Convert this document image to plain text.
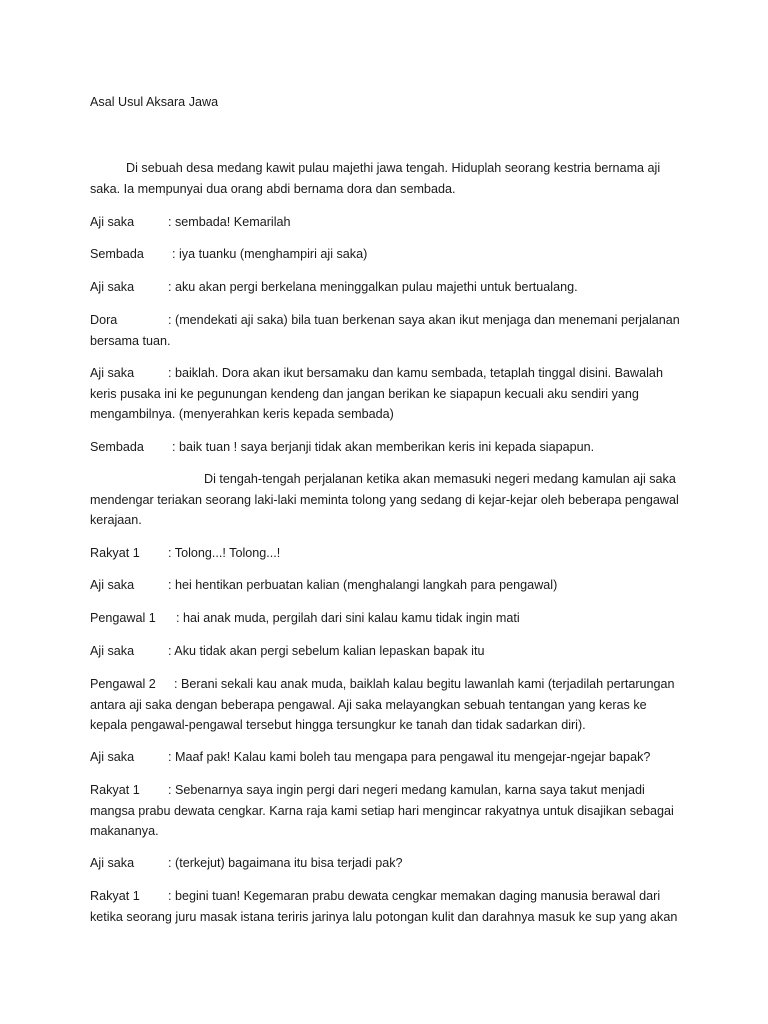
Asal Usul Aksara Jawa

Di sebuah desa medang kawit pulau majethi jawa tengah. Hiduplah seorang kestria bernama aji saka. Ia mempunyai dua orang abdi bernama dora dan sembada.

Aji saka	: sembada! Kemarilah

Sembada : iya tuanku (menghampiri aji saka)

Aji saka	: aku akan pergi berkelana meninggalkan pulau majethi untuk bertualang.

Dora	: (mendekati aji saka) bila tuan berkenan saya akan ikut menjaga dan menemani perjalanan bersama tuan.

Aji saka	: baiklah. Dora akan ikut bersamaku dan kamu sembada, tetaplah tinggal disini. Bawalah keris pusaka ini ke pegunungan kendeng dan jangan berikan ke siapapun kecuali aku sendiri yang mengambilnya. (menyerahkan keris kepada sembada)

Sembada : baik tuan ! saya berjanji tidak akan memberikan keris ini kepada siapapun.

Di tengah-tengah perjalanan ketika akan memasuki negeri medang kamulan aji saka mendengar teriakan seorang laki-laki meminta tolong yang sedang di kejar-kejar oleh beberapa pengawal kerajaan.

Rakyat 1 : Tolong...! Tolong...!

Aji saka	: hei hentikan perbuatan kalian (menghalangi langkah para pengawal)

Pengawal 1 : hai anak muda, pergilah dari sini kalau kamu tidak ingin mati

Aji saka	: Aku tidak akan pergi sebelum kalian lepaskan bapak itu

Pengawal 2 : Berani sekali kau anak muda, baiklah kalau begitu lawanlah kami (terjadilah pertarungan antara aji saka dengan beberapa pengawal. Aji saka melayangkan sebuah tentangan yang keras ke kepala pengawal-pengawal tersebut hingga tersungkur ke tanah dan tidak sadarkan diri).

Aji saka	: Maaf pak! Kalau kami boleh tau mengapa para pengawal itu mengejar-ngejar bapak?

Rakyat 1 : Sebenarnya saya ingin pergi dari negeri medang kamulan, karna saya takut menjadi mangsa prabu dewata cengkar. Karna raja kami setiap hari mengincar rakyatnya untuk disajikan sebagai makananya.

Aji saka	: (terkejut) bagaimana itu bisa terjadi pak?

Rakyat 1 : begini tuan! Kegemaran prabu dewata cengkar memakan daging manusia berawal dari ketika seorang juru masak istana teriris jarinya lalu potongan kulit dan darahnya masuk ke sup yang akan
